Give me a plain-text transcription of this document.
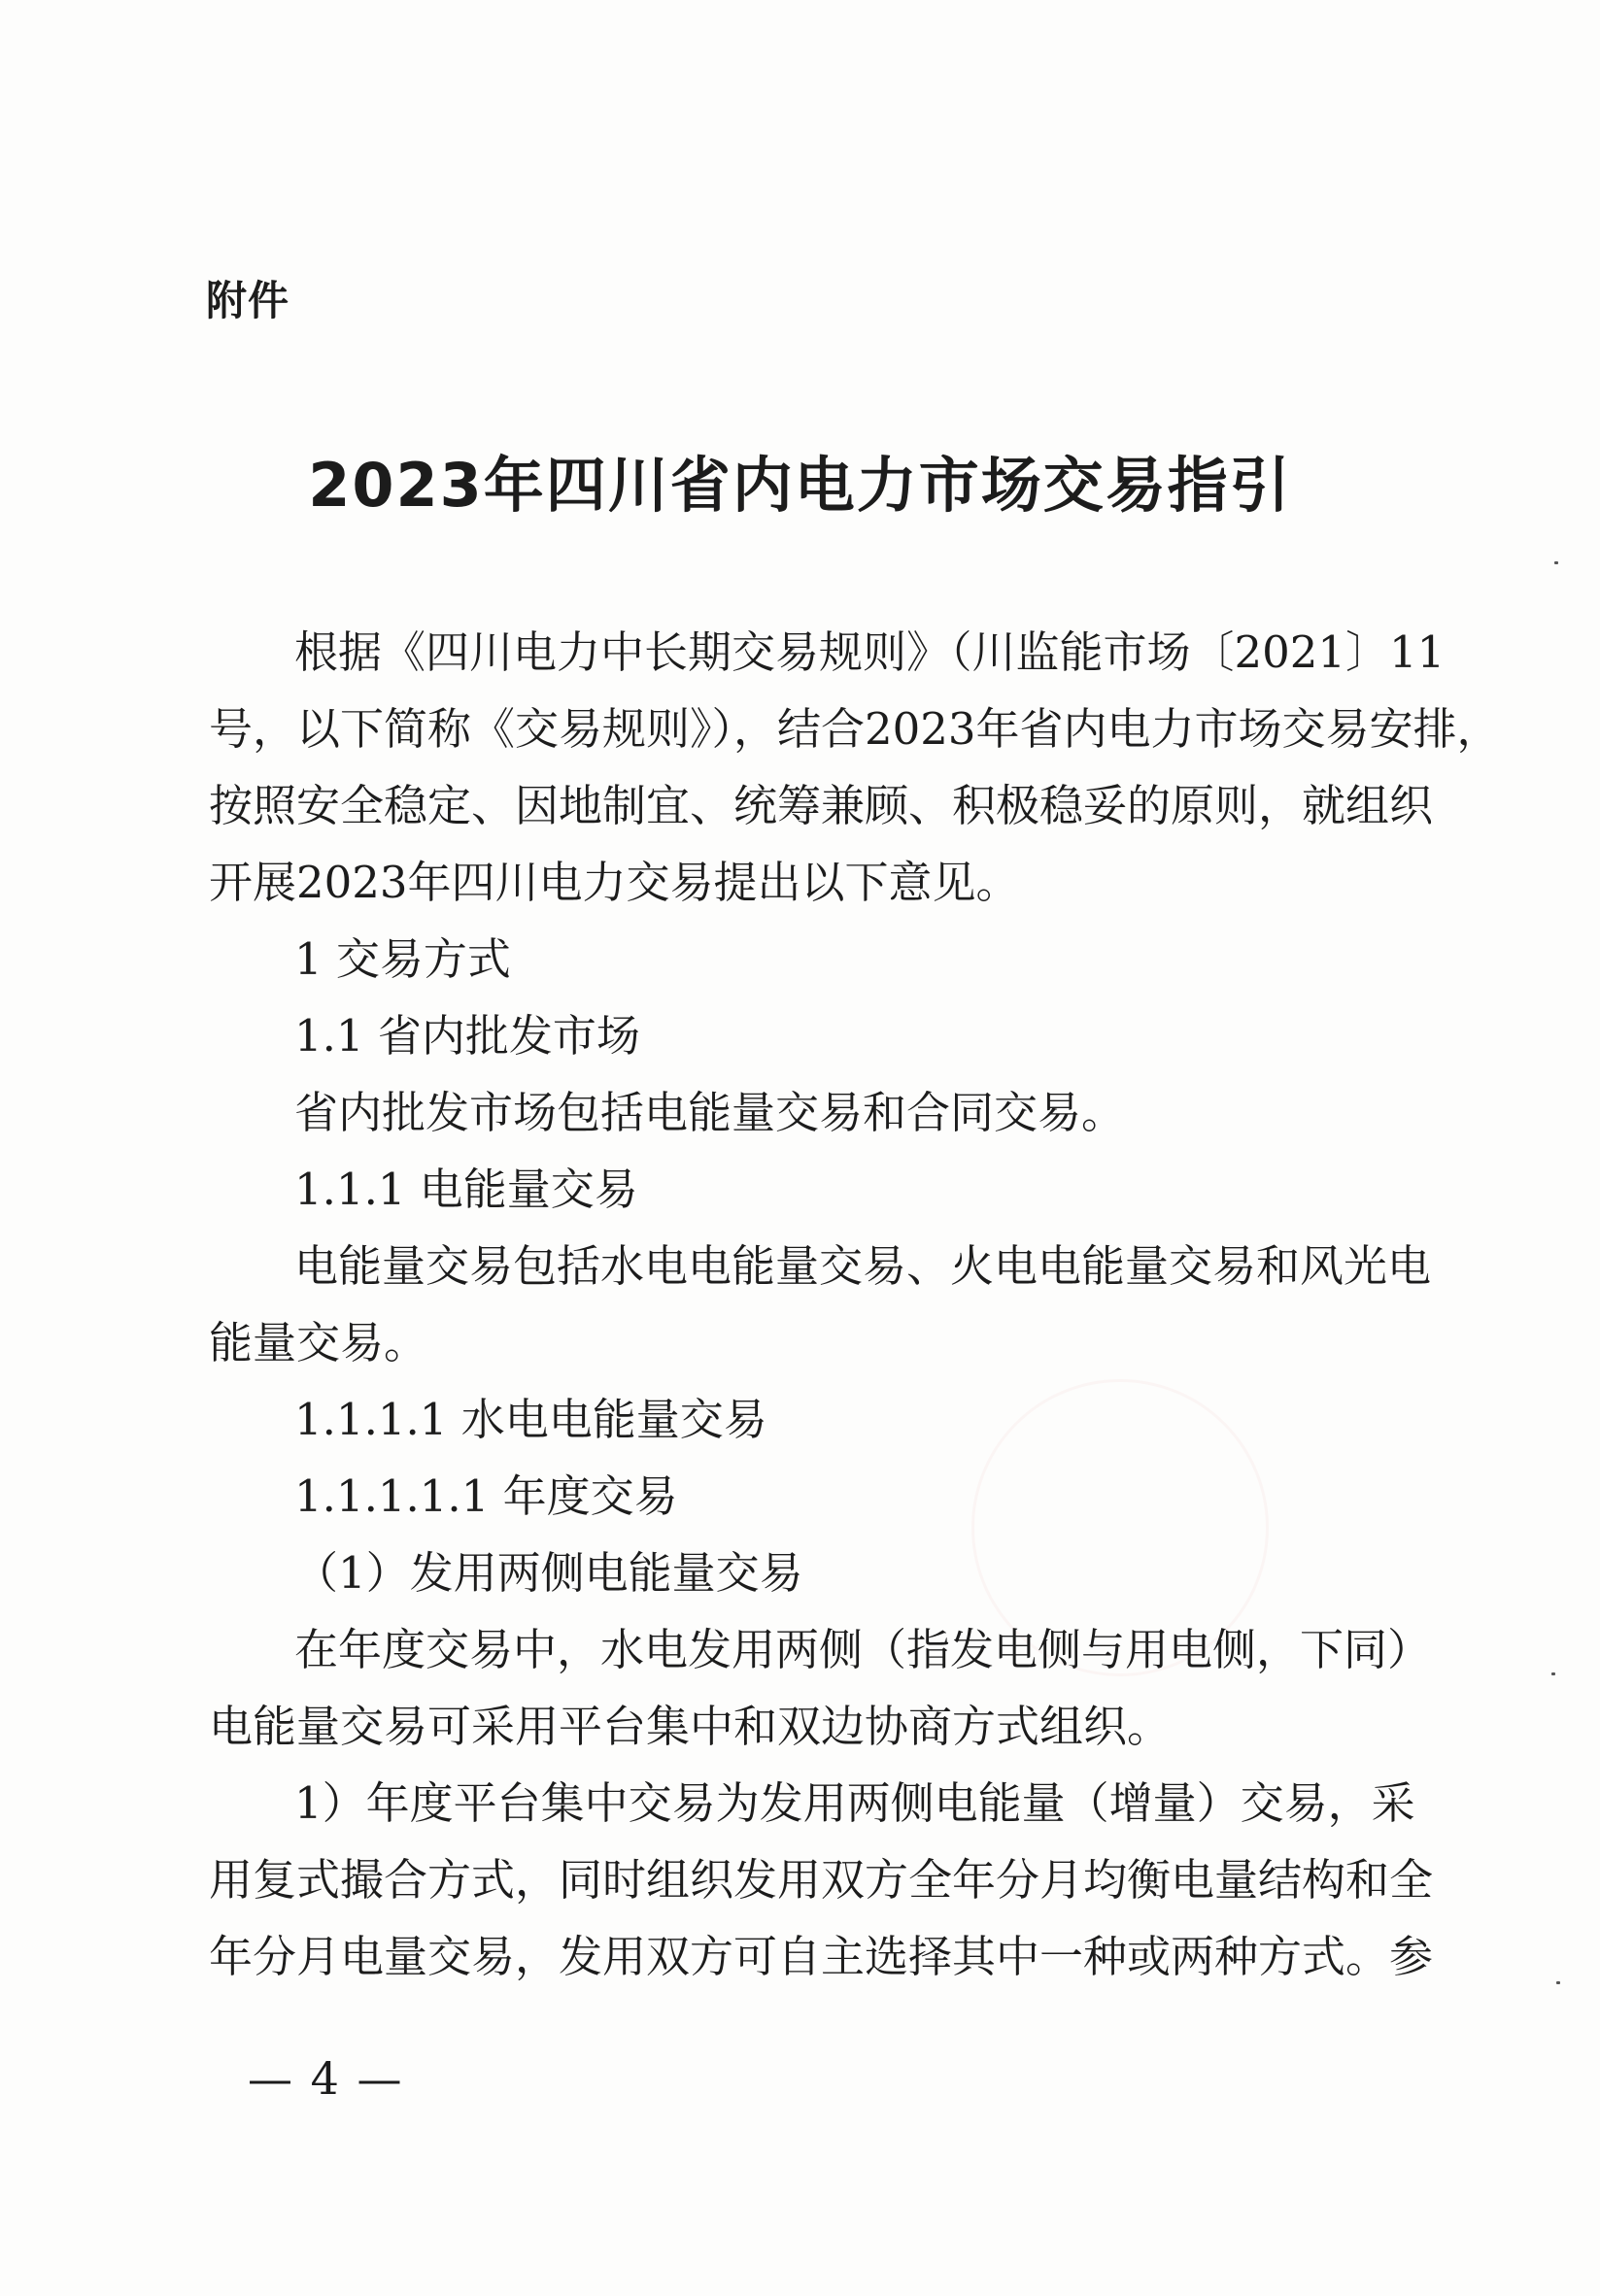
附件
2023年四川省内电力市场交易指引
根据《四川电力中长期交易规则》（川监能市场〔2021〕11
号，以下简称《交易规则》），结合2023年省内电力市场交易安排，
按照安全稳定、因地制宜、统筹兼顾、积极稳妥的原则，就组织
开展2023年四川电力交易提出以下意见。
1 交易方式
1.1 省内批发市场
省内批发市场包括电能量交易和合同交易。
1.1.1 电能量交易
电能量交易包括水电电能量交易、火电电能量交易和风光电
能量交易。
1.1.1.1 水电电能量交易
1.1.1.1.1 年度交易
（1）发用两侧电能量交易
在年度交易中，水电发用两侧（指发电侧与用电侧，下同）
电能量交易可采用平台集中和双边协商方式组织。
1）年度平台集中交易为发用两侧电能量（增量）交易，采
用复式撮合方式，同时组织发用双方全年分月均衡电量结构和全
年分月电量交易，发用双方可自主选择其中一种或两种方式。参
— 4 —
